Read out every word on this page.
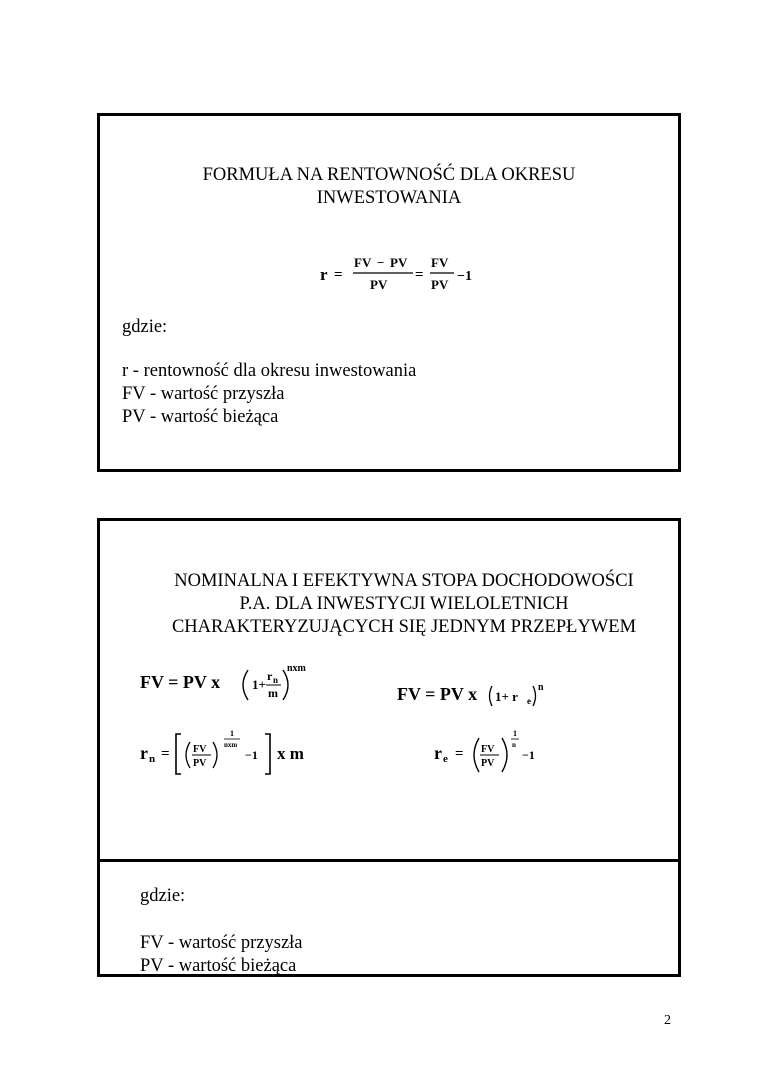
FORMUŁA NA RENTOWNOŚĆ DLA OKRESU
INWESTOWANIA
r =
FV − PV
PV
=
FV
PV
−1
gdzie:
r - rentowność dla okresu inwestowania
FV - wartość przyszła
PV - wartość bieżąca
NOMINALNA I EFEKTYWNA STOPA DOCHODOWOŚCI
P.A. DLA INWESTYCJI WIELOLETNICH
CHARAKTERYZUJĄCYCH SIĘ JEDNYM PRZEPŁYWEM
FV = PV x 1+
r n
m
nxm
FV = PV x 1+ r e
n
r n = FV
PV
1
nxm
−1 x m	r e = FV
PV
1
n
−1
gdzie:
FV - wartość przyszła
PV - wartość bieżąca
2
